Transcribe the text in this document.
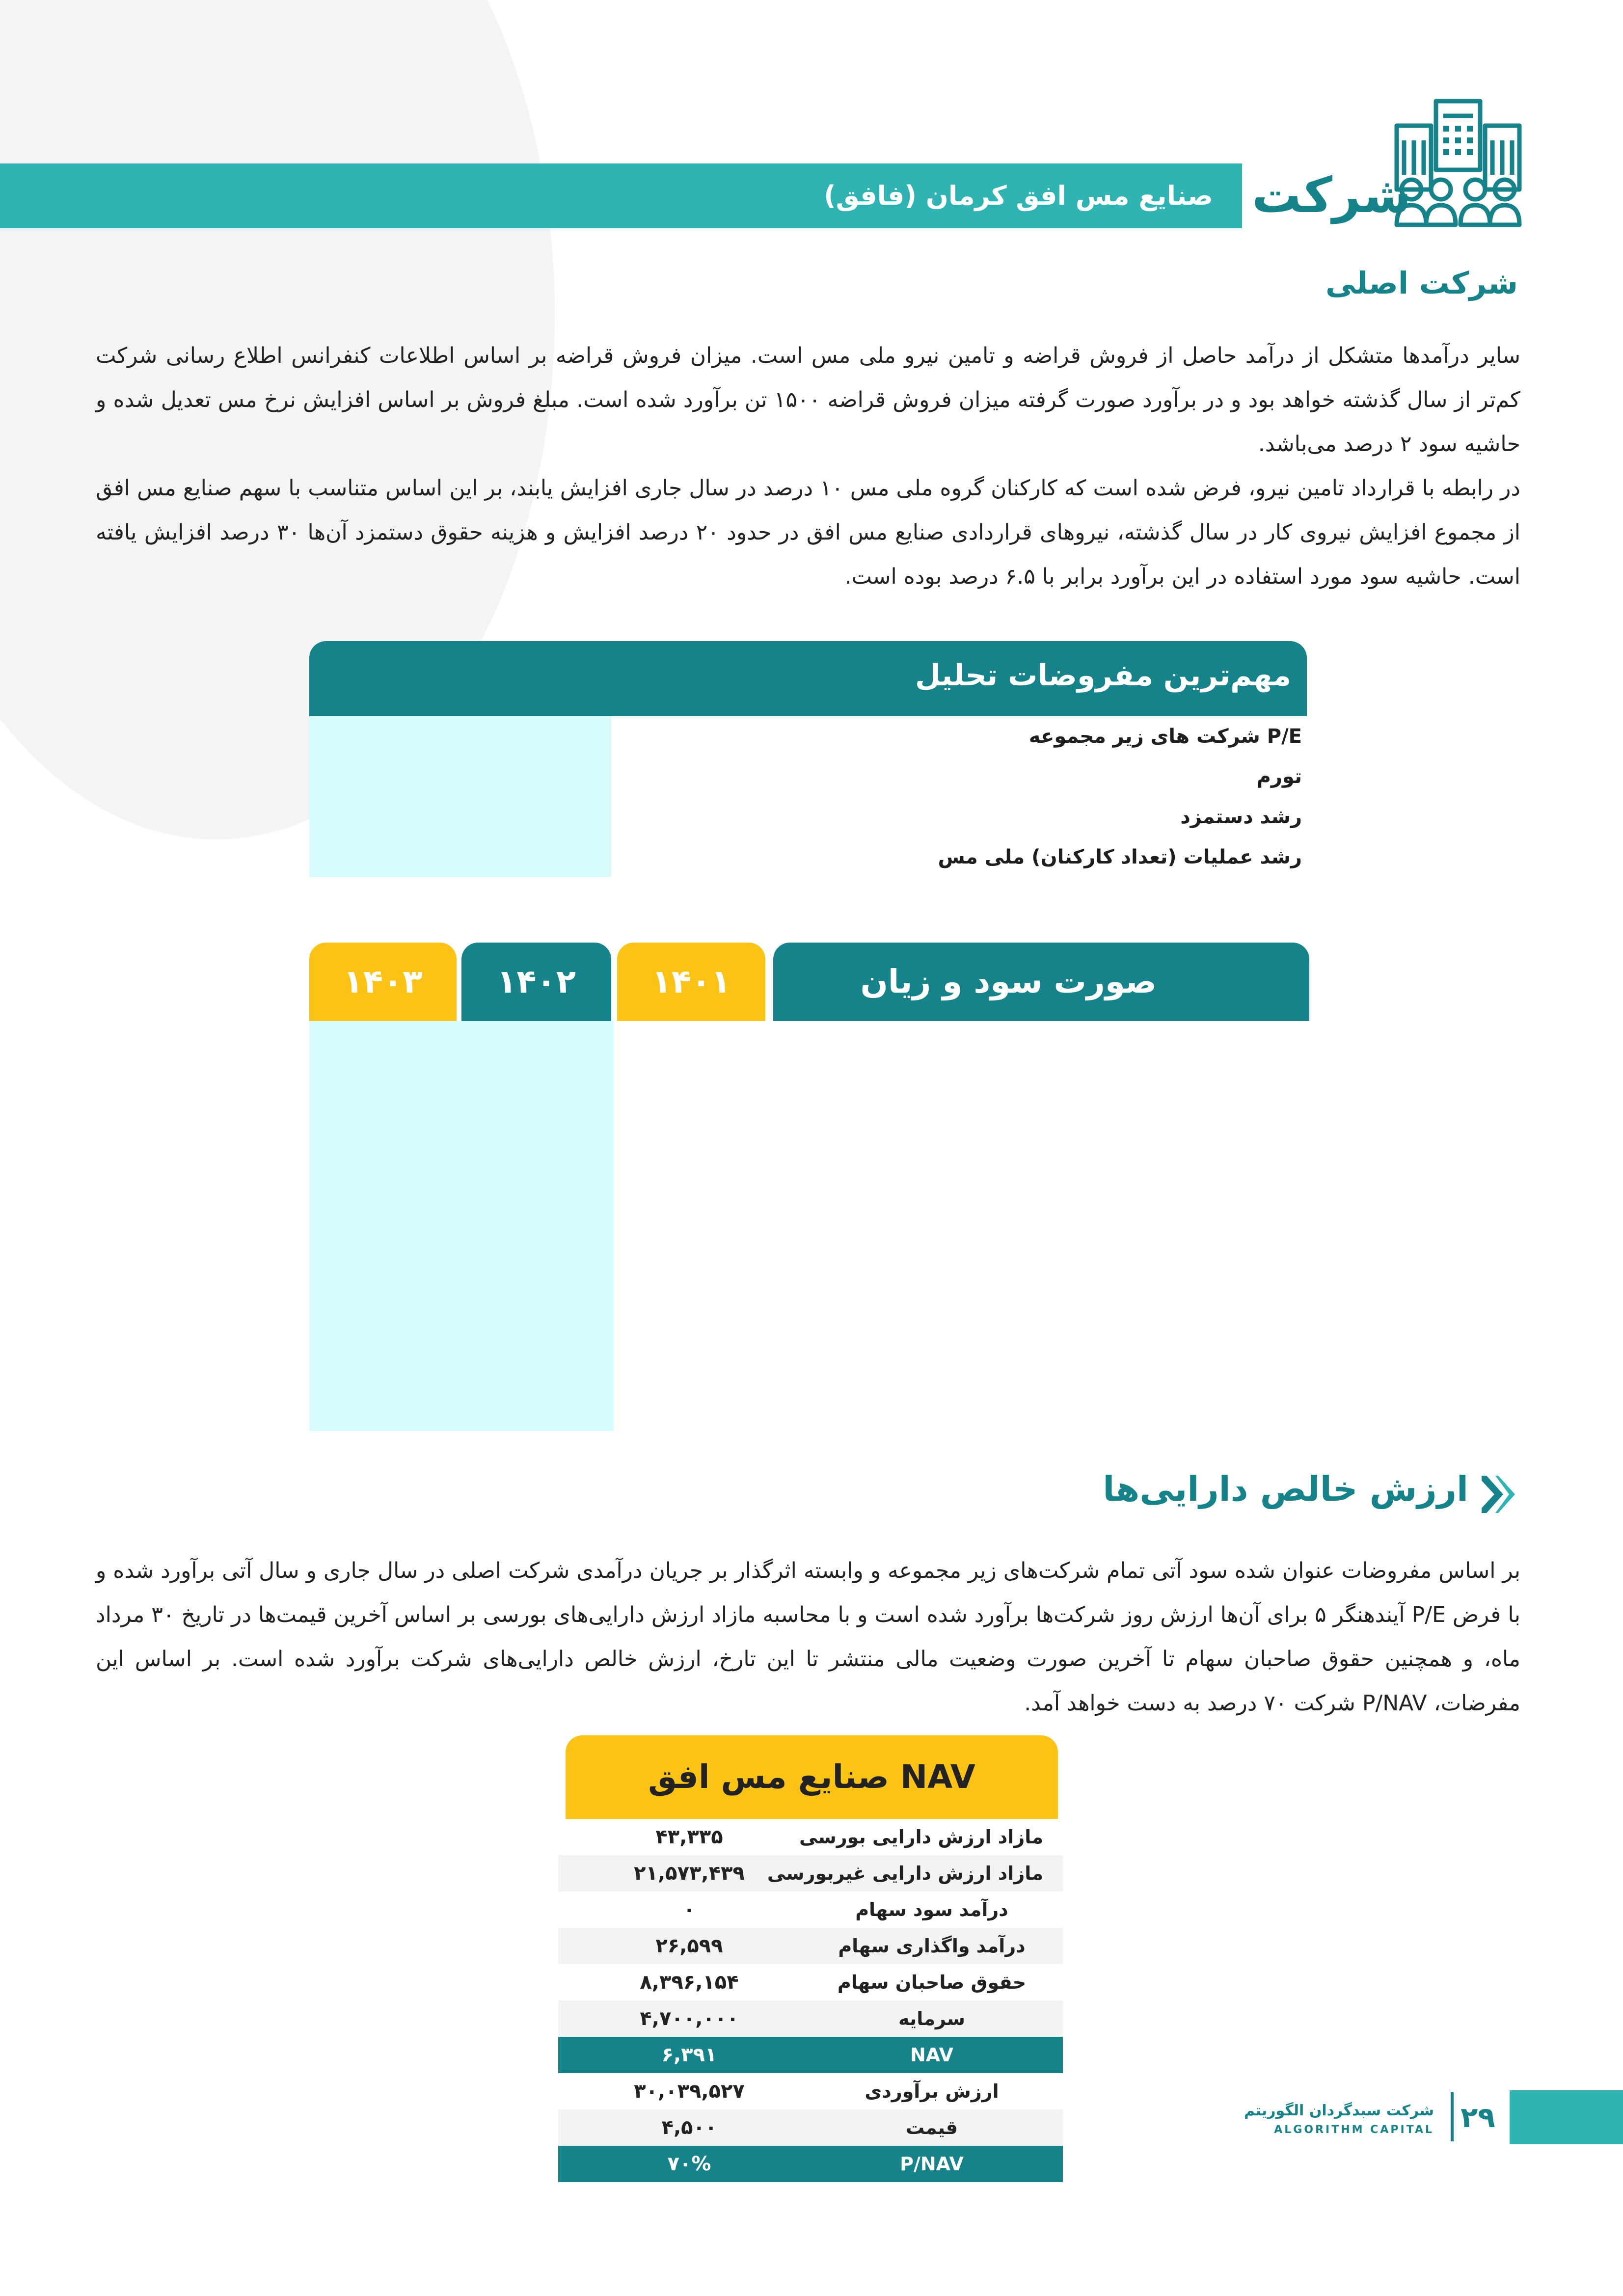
صنایع مس افق کرمان (فافق) شرکت
شرکت اصلی

سایر درآمدها متشکل از درآمد حاصل از فروش قراضه و تامین نیرو ملی مس است. میزان فروش قراضه بر اساس اطلاعات کنفرانس اطلاع رسانی شرکت کم‌تر از سال گذشته خواهد بود و در برآورد صورت گرفته میزان فروش قراضه ۱۵۰۰ تن برآورد شده است. مبلغ فروش بر اساس افزایش نرخ مس تعدیل شده و حاشیه سود ۲ درصد می‌باشد.

در رابطه با قرارداد تامین نیرو، فرض شده است که کارکنان گروه ملی مس ۱۰ درصد در سال جاری افزایش یابند، بر این اساس متناسب با سهم صنایع مس افق از مجموع افزایش نیروی کار در سال گذشته، نیروهای قراردادی صنایع مس افق در حدود ۲۰ درصد افزایش و هزینه حقوق دستمزد آن‌ها ۳۰ درصد افزایش یافته است. حاشیه سود مورد استفاده در این برآورد برابر با ۶.۵ درصد بوده است.

مهم‌ترین مفروضات تحلیل
P/E شرکت های زیر مجموعه
تورم
رشد دستمزد
رشد عملیات (تعداد کارکنان) ملی مس
صورت سود و زیان
۱۴۰۱
۱۴۰۲
۱۴۰۳
ارزش خالص دارایی‌ها

بر اساس مفروضات عنوان شده سود آتی تمام شرکت‌های زیر مجموعه و وابسته اثرگذار بر جریان درآمدی شرکت اصلی در سال جاری و سال آتی برآورد شده و با فرض P/E آیندهنگر ۵ برای آن‌ها ارزش روز شرکت‌ها برآورد شده است و با محاسبه مازاد ارزش دارایی‌های بورسی بر اساس آخرین قیمت‌ها در تاریخ ۳۰ مرداد ماه، و همچنین حقوق صاحبان سهام تا آخرین صورت وضعیت مالی منتشر تا این تارخ، ارزش خالص دارایی‌های شرکت برآورد شده است. بر اساس این مفرضات، P/NAV شرکت ۷۰ درصد به دست خواهد آمد.

NAV صنایع مس افق
مازاد ارزش دارایی بورسی
۴۳,۳۳۵
مازاد ارزش دارایی غیربورسی
۲۱,۵۷۳,۴۳۹
درآمد سود سهام
۰
درآمد واگذاری سهام
۲۶,۵۹۹
حقوق صاحبان سهام
۸,۳۹۶,۱۵۴
سرمایه
۴,۷۰۰,۰۰۰
NAV
۶,۳۹۱
ارزش برآوردی
۳۰,۰۳۹,۵۲۷
قیمت
۴,۵۰۰
P/NAV
۷۰%
شرکت سبدگردان الگوریتم
ALGORITHM CAPITAL ۲۹
